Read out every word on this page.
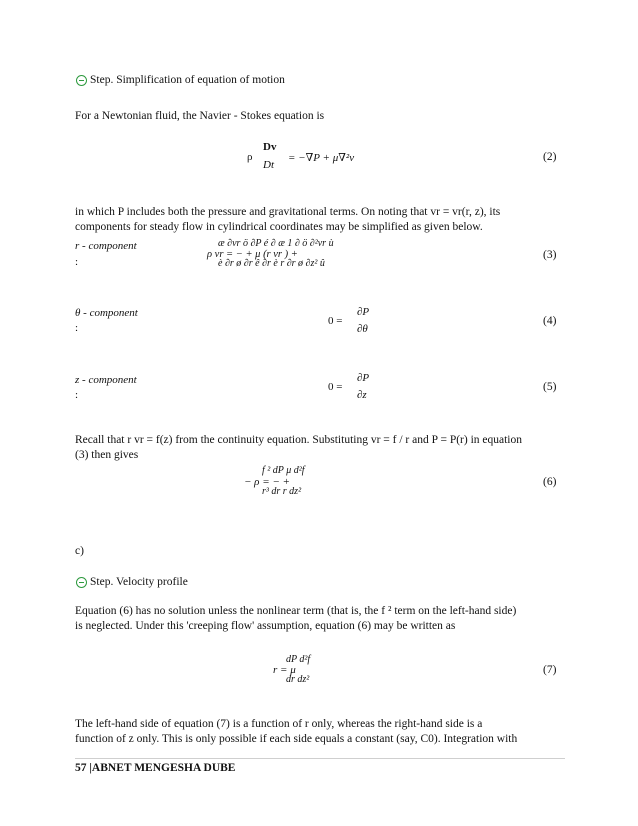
Step. Simplification of equation of motion
For a Newtonian fluid, the Navier - Stokes equation is
ρ
Dv
Dt
= −∇P + μ∇²v	(2)
in which P includes both the pressure and gravitational terms. On noting that vr = vr(r, z), its
components for steady flow in cylindrical coordinates may be simplified as given below.
r - component
:
æ ∂vr ö ∂P é ∂ æ 1 ∂ ö ∂²vr ù
ρ vr = − + μ (r vr ) +
è ∂r ø ∂r ê ∂r è r ∂r ø ∂z² û
(3)
θ - component
:
0 =
∂P
∂θ
(4)
z - component
:
0 =
∂P
∂z
(5)
Recall that r vr = f(z) from the continuity equation. Substituting vr = f / r and P = P(r) in equation
(3) then gives
f ² dP μ d²f
− ρ = − +
r³ dr r dz²
(6)
c)
Step. Velocity profile
Equation (6) has no solution unless the nonlinear term (that is, the f ² term on the left-hand side)
is neglected. Under this 'creeping flow' assumption, equation (6) may be written as
dP d²f
r = μ
dr dz²
(7)
The left-hand side of equation (7) is a function of r only, whereas the right-hand side is a
function of z only. This is only possible if each side equals a constant (say, C0). Integration with
57 |ABNET MENGESHA DUBE
